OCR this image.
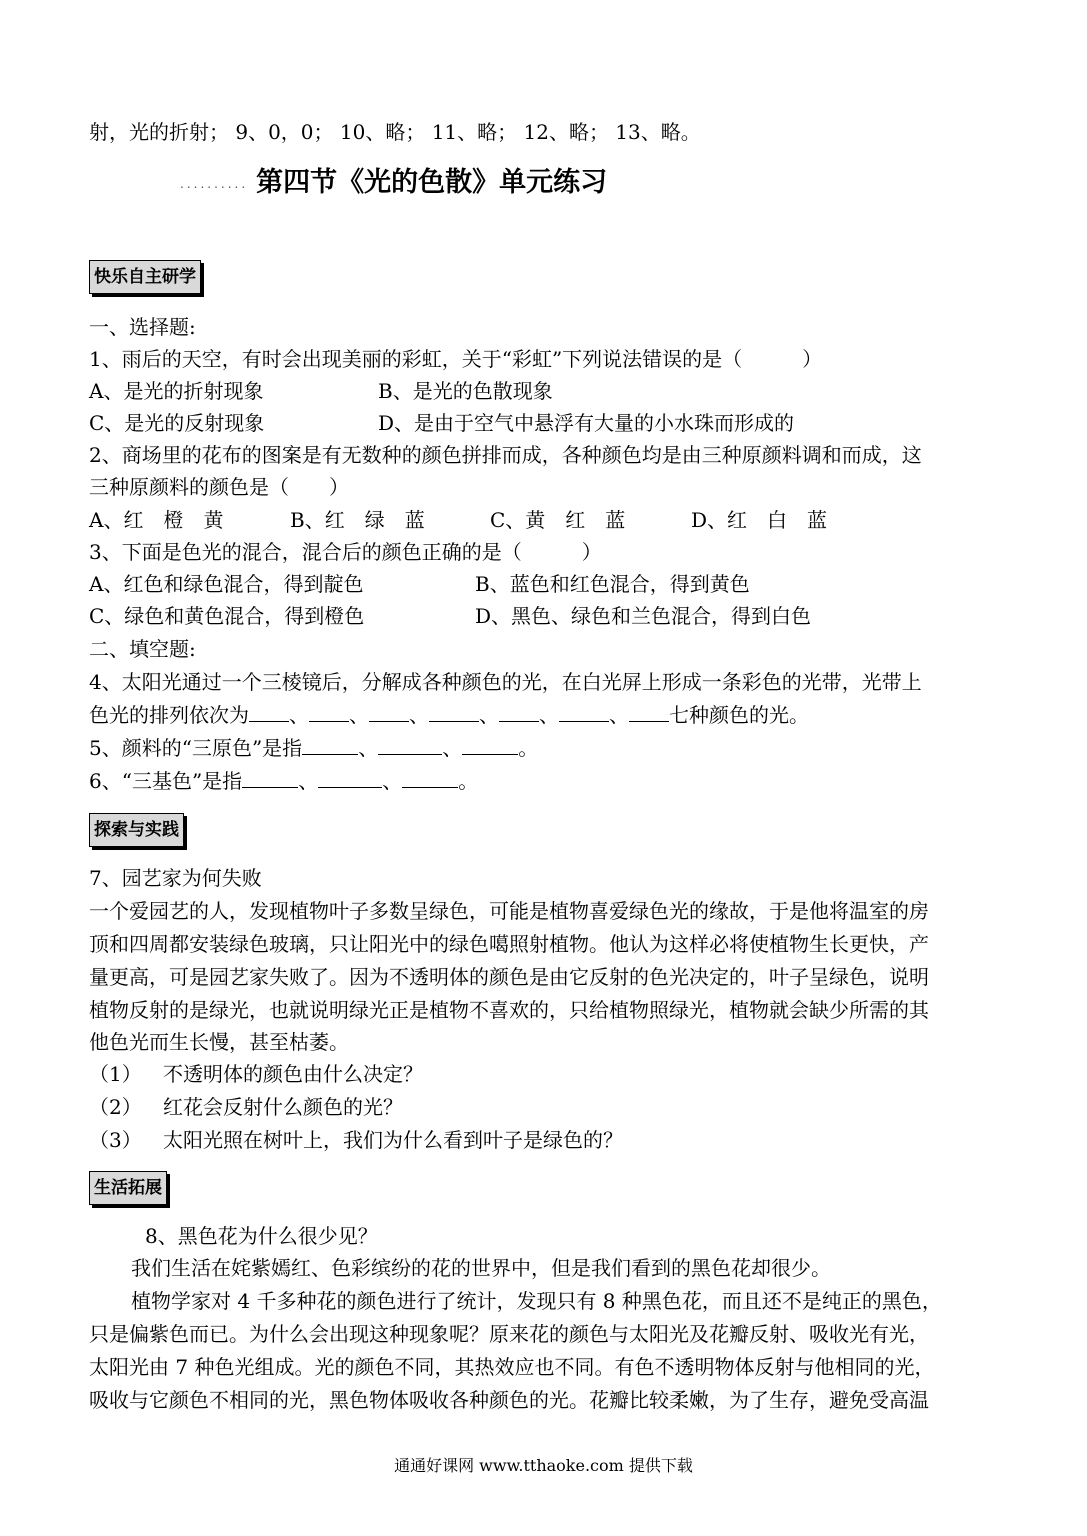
射，光的折射； 9、0，0； 10、略； 11、略； 12、略； 13、略。
.......... 第四节《光的色散》单元练习
快乐自主研学
一、选择题:
1、雨后的天空，有时会出现美丽的彩虹，关于“彩虹”下列说法错误的是（　　　）
A、是光的折射现象	B、是光的色散现象
C、是光的反射现象	D、是由于空气中悬浮有大量的小水珠而形成的
2、商场里的花布的图案是有无数种的颜色拼排而成，各种颜色均是由三种原颜料调和而成，这
三种原颜料的颜色是（　　）
A、红　橙　黄	B、红　绿　蓝	C、黄　红　蓝	D、红　白　蓝
3、下面是色光的混合，混合后的颜色正确的是（　　　）
A、红色和绿色混合，得到靛色	B、蓝色和红色混合，得到黄色
C、绿色和黄色混合，得到橙色	D、黑色、绿色和兰色混合，得到白色
二、填空题:
4、太阳光通过一个三棱镜后，分解成各种颜色的光，在白光屏上形成一条彩色的光带，光带上
色光的排列依次为 、 、 、	、 、	、 七种颜色的光。
5、颜料的“三原色”是指	、	、	。
6、“三基色”是指	、	、	。
探索与实践
7、园艺家为何失败
一个爱园艺的人，发现植物叶子多数呈绿色，可能是植物喜爱绿色光的缘故，于是他将温室的房
顶和四周都安装绿色玻璃，只让阳光中的绿色噶照射植物。他认为这样必将使植物生长更快，产
量更高，可是园艺家失败了。因为不透明体的颜色是由它反射的色光决定的，叶子呈绿色，说明
植物反射的是绿光，也就说明绿光正是植物不喜欢的，只给植物照绿光，植物就会缺少所需的其
他色光而生长慢，甚至枯萎。
（1） 不透明体的颜色由什么决定？
（2） 红花会反射什么颜色的光？
（3） 太阳光照在树叶上，我们为什么看到叶子是绿色的？
生活拓展
8、黑色花为什么很少见？
我们生活在姹紫嫣红、色彩缤纷的花的世界中，但是我们看到的黑色花却很少。
植物学家对 4 千多种花的颜色进行了统计，发现只有 8 种黑色花，而且还不是纯正的黑色，
只是偏紫色而已。为什么会出现这种现象呢？原来花的颜色与太阳光及花瓣反射、吸收光有光，
太阳光由 7 种色光组成。光的颜色不同，其热效应也不同。有色不透明物体反射与他相同的光，
吸收与它颜色不相同的光，黑色物体吸收各种颜色的光。花瓣比较柔嫩，为了生存，避免受高温
通通好课网 www.tthaoke.com 提供下载
